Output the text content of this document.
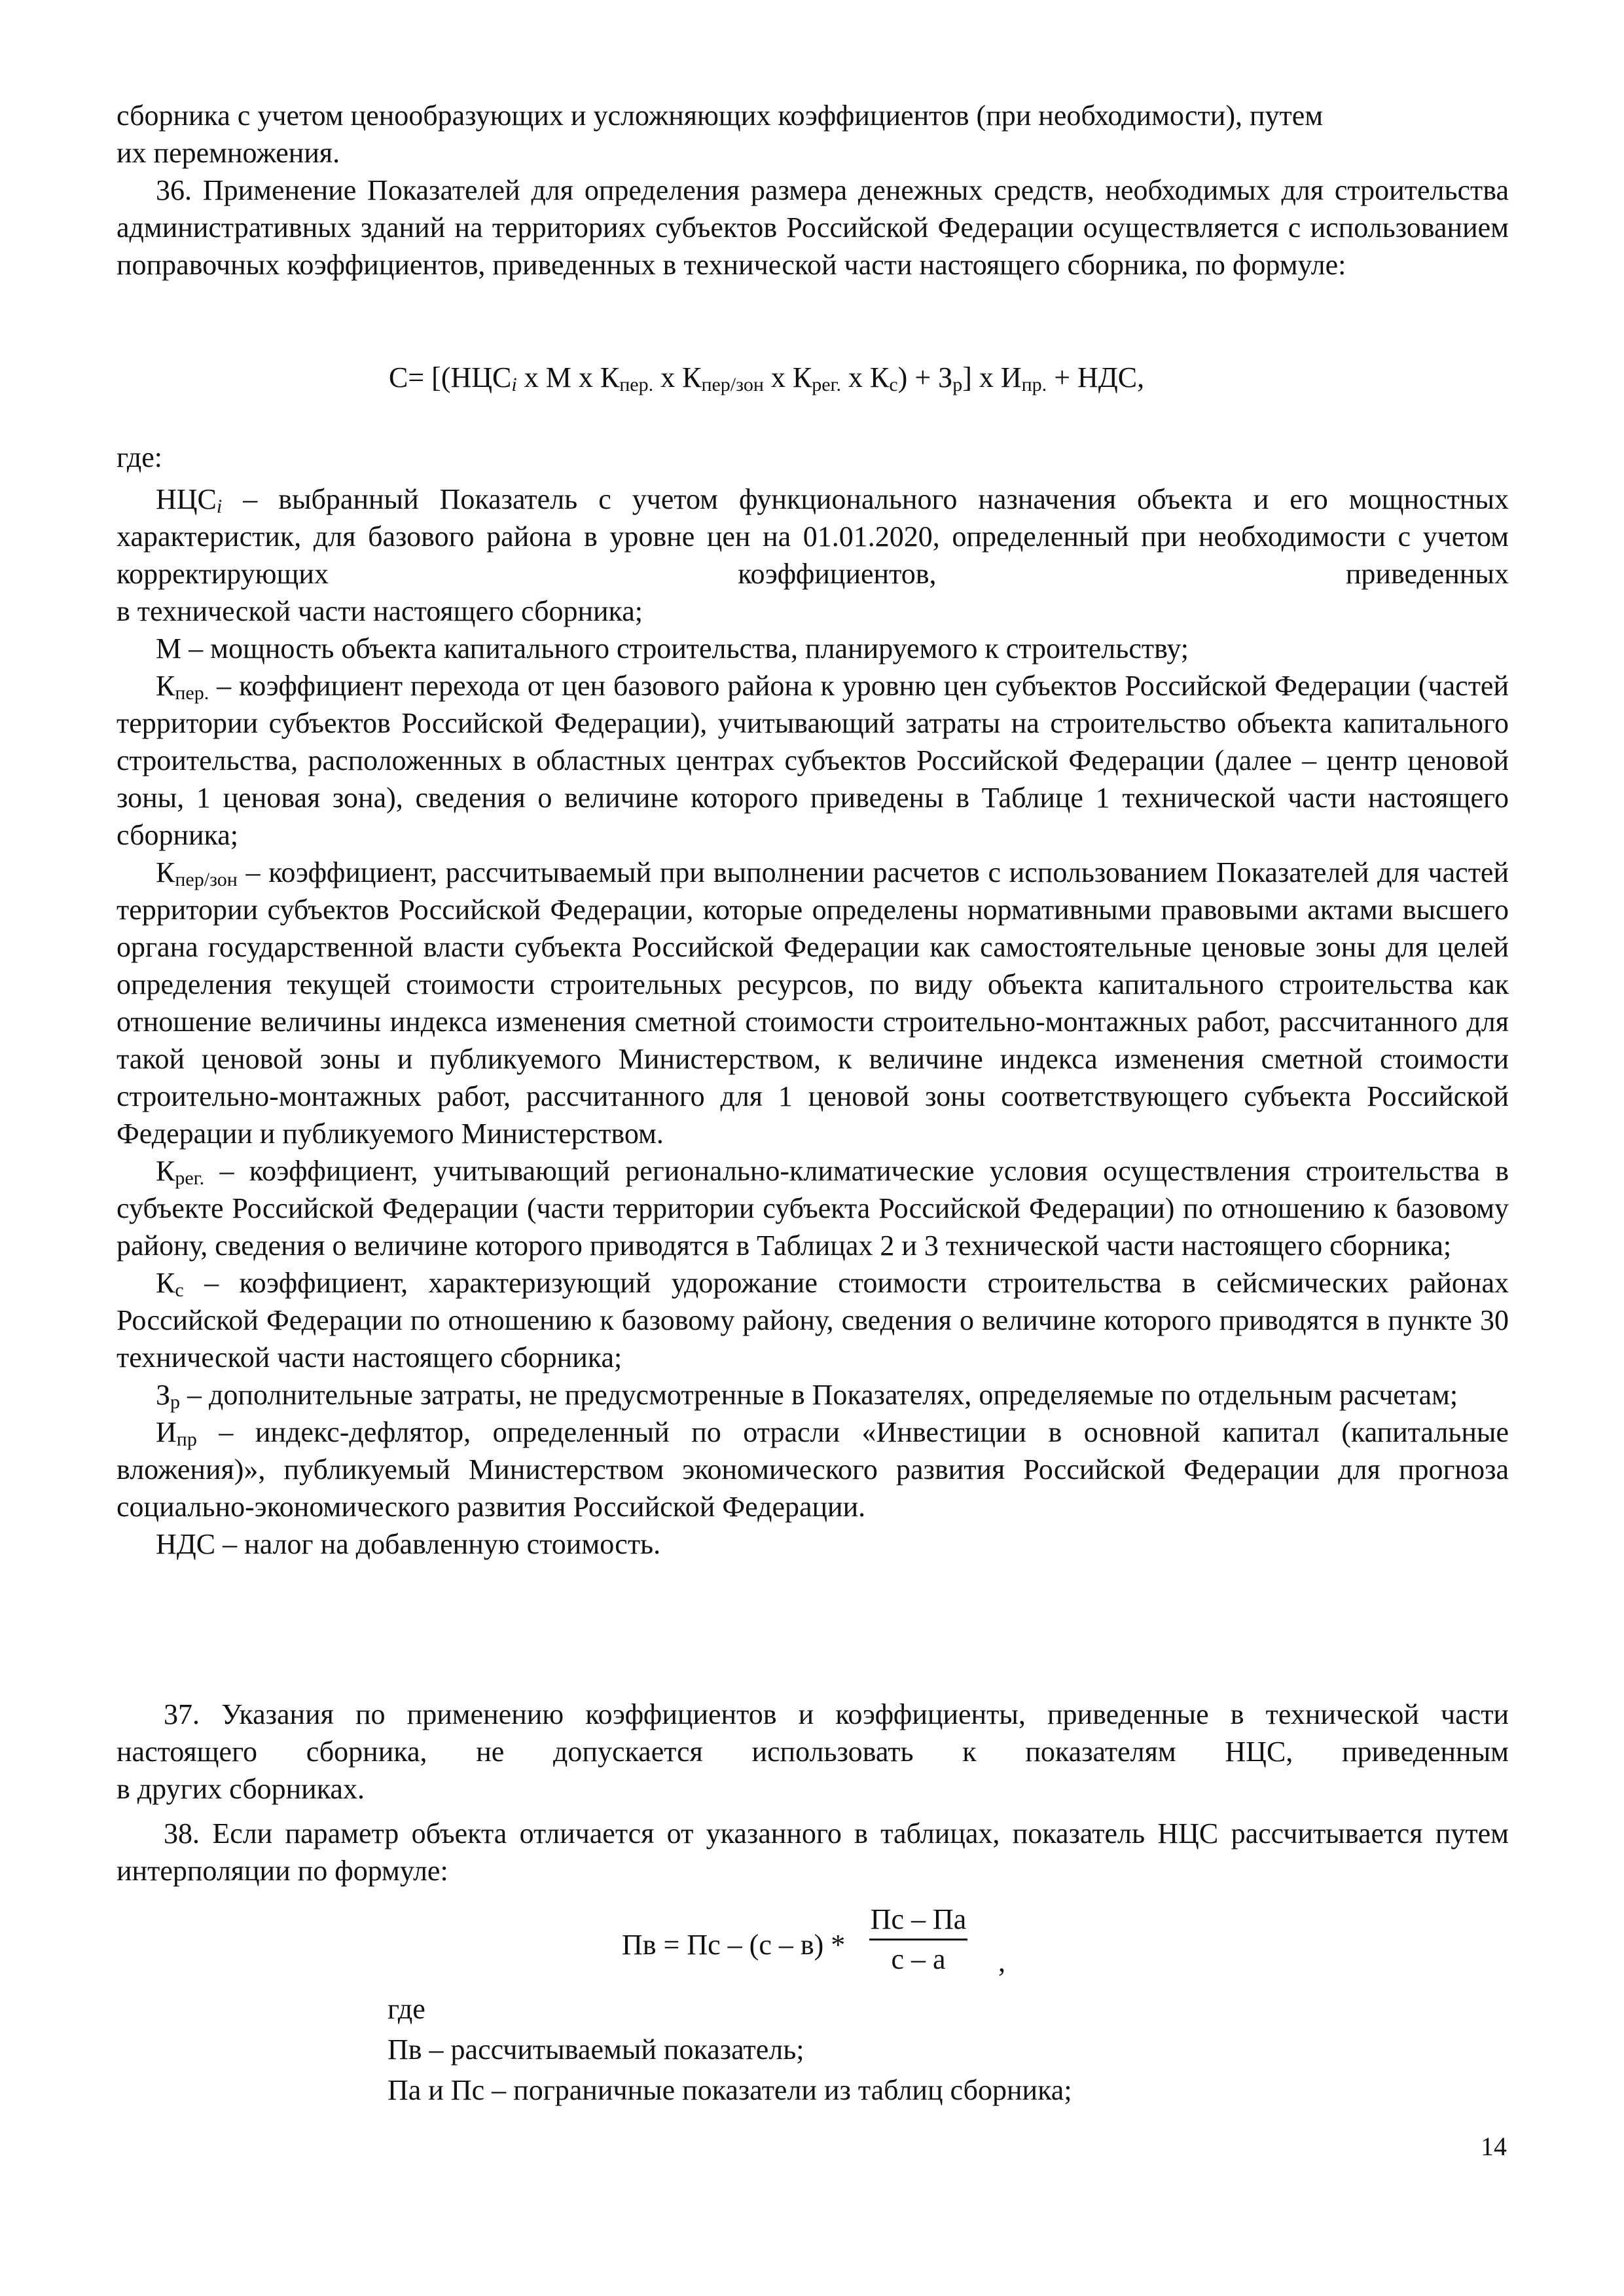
сборника с учетом ценообразующих и усложняющих коэффициентов (при необходимости), путем

их перемножения.

36. Применение Показателей для определения размера денежных средств, необходимых для строительства административных зданий на территориях субъектов Российской Федерации осуществляется с использованием поправочных коэффициентов, приведенных в технической части настоящего сборника, по формуле:

$С= [(НЦС_i$ х М х $К_{пер.}$ х $К_{пер/зон}$ х $К_{рег.}$ х $К_с) + З_р$] х $И_{пр.}$ + НДС,
где:

$НЦС_i$ – выбранный Показатель с учетом функционального назначения объекта и его мощностных характеристик, для базового района в уровне цен на 01.01.2020, определенный при необходимости с учетом корректирующих коэффициентов, приведенных

в технической части настоящего сборника;

М – мощность объекта капитального строительства, планируемого к строительству;

$К_{пер.}$ – коэффициент перехода от цен базового района к уровню цен субъектов Российской Федерации (частей территории субъектов Российской Федерации), учитывающий затраты на строительство объекта капитального строительства, расположенных в областных центрах субъектов Российской Федерации (далее – центр ценовой зоны, 1 ценовая зона), сведения о величине которого приведены в Таблице 1 технической части настоящего сборника;

$К_{пер/зон}$ – коэффициент, рассчитываемый при выполнении расчетов с использованием Показателей для частей территории субъектов Российской Федерации, которые определены нормативными правовыми актами высшего органа государственной власти субъекта Российской Федерации как самостоятельные ценовые зоны для целей определения текущей стоимости строительных ресурсов, по виду объекта капитального строительства как отношение величины индекса изменения сметной стоимости строительно-монтажных работ, рассчитанного для такой ценовой зоны и публикуемого Министерством, к величине индекса изменения сметной стоимости строительно-монтажных работ, рассчитанного для 1 ценовой зоны соответствующего субъекта Российской Федерации и публикуемого Министерством.

$К_{рег.}$ – коэффициент, учитывающий регионально-климатические условия осуществления строительства в субъекте Российской Федерации (части территории субъекта Российской Федерации) по отношению к базовому району, сведения о величине которого приводятся в Таблицах 2 и 3 технической части настоящего сборника;

$К_с$ – коэффициент, характеризующий удорожание стоимости строительства в сейсмических районах Российской Федерации по отношению к базовому району, сведения о величине которого приводятся в пункте 30 технической части настоящего сборника;

$З_р$ – дополнительные затраты, не предусмотренные в Показателях, определяемые по отдельным расчетам;

$И_{пр}$ – индекс-дефлятор, определенный по отрасли «Инвестиции в основной капитал (капитальные вложения)», публикуемый Министерством экономического развития Российской Федерации для прогноза социально-экономического развития Российской Федерации.

НДС – налог на добавленную стоимость.

37. Указания по применению коэффициентов и коэффициенты, приведенные в технической части настоящего сборника, не допускается использовать к показателям НЦС, приведенным

в других сборниках.

38. Если параметр объекта отличается от указанного в таблицах, показатель НЦС рассчитывается путем интерполяции по формуле:

Пв = Пс – (с – в) *
Пс – Па
с – а	,

где

Пв – рассчитываемый показатель;

Па и Пс – пограничные показатели из таблиц сборника;

14
